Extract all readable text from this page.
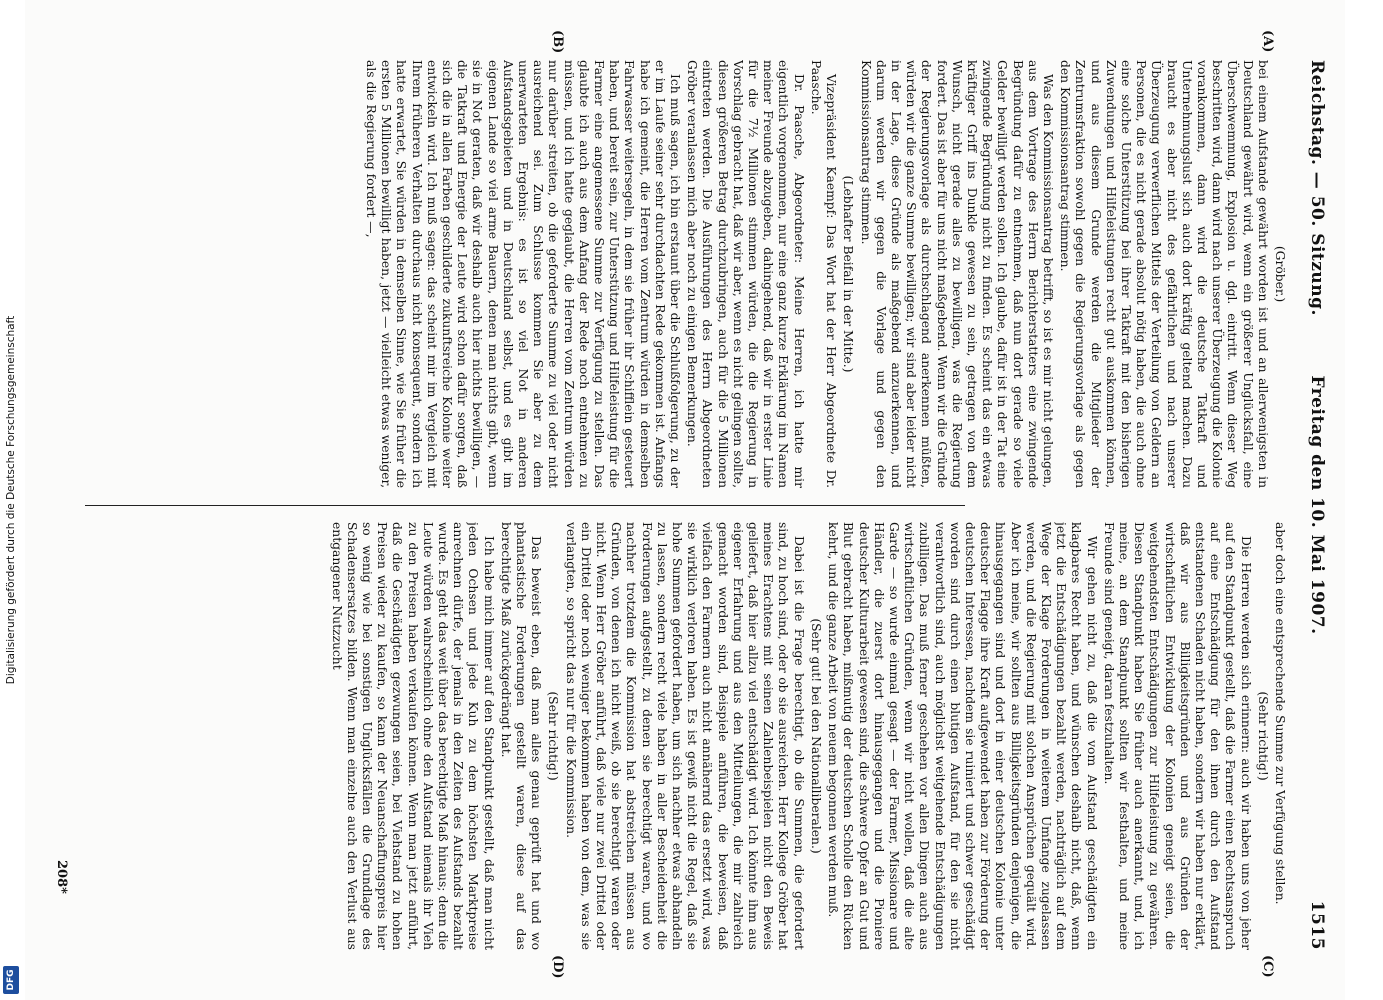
Digitalisierung gefördert durch die Deutsche Forschungsgemeinschaft
DFG
Reichstag. — 50. Sitzung.
Freitag den 10. Mai 1907.
1515
(A)
(B)
(C)
(D)

(Gröber.)

bei einem Aufstande gewährt worden ist und an allerwenigsten in Deutschland gewährt wird, wenn ein größerer Unglücksfall, eine Überschwemmung, Explosion u. dgl. eintritt. Wenn dieser Weg beschritten wird, dann wird nach unserer Überzeugung die Kolonie vorankommen, dann wird die deutsche Tatkraft und Unternehmungslust sich auch dort kräftig geltend machen. Dazu braucht es aber nicht des gefährlichen und nach unserer Überzeugung verwerflichen Mittels der Verteilung von Geldern an Personen, die es nicht gerade absolut nötig haben, die auch ohne eine solche Unterstützung bei ihrer Tatkraft mit den bisherigen Zuwendungen und Hilfeleistungen recht gut auskommen können, und aus diesem Grunde werden die Mitglieder der Zentrumsfraktion sowohl gegen die Regierungsvorlage als gegen den Kommissionsantrag stimmen.

Was den Kommissionsantrag betrifft, so ist es mir nicht gelungen, aus dem Vortrage des Herrn Berichterstatters eine zwingende Begründung dafür zu entnehmen, daß nun dort gerade so viele Gelder bewilligt werden sollen. Ich glaube, dafür ist in der Tat eine zwingende Begründung nicht zu finden. Es scheint das ein etwas kräftiger Griff ins Dunkle gewesen zu sein, getragen von dem Wunsch, nicht gerade alles zu bewilligen, was die Regierung fordert. Das ist aber für uns nicht maßgebend. Wenn wir die Gründe der Regierungsvorlage als durchschlagend anerkennen müßten, würden wir die ganze Summe bewilligen; wir sind aber leider nicht in der Lage, diese Gründe als maßgebend anzuerkennen, und darum werden wir gegen die Vorlage und gegen den Kommissionsantrag stimmen.

(Lebhafter Beifall in der Mitte.)

Vizepräsident Kaempf: Das Wort hat der Herr Abgeordnete Dr. Paasche.

Dr. Paasche, Abgeordneter: Meine Herren, ich hatte mir eigentlich vorgenommen, nur eine ganz kurze Erklärung im Namen meiner Freunde abzugeben, dahingehend, daß wir in erster Linie für die 7½ Millionen stimmen würden, die die Regierung in Vorschlag gebracht hat, daß wir aber, wenn es nicht gelingen sollte, diesen größeren Betrag durchzubringen, auch für die 5 Millionen eintreten werden. Die Ausführungen des Herrn Abgeordneten Gröber veranlassen mich aber noch zu einigen Bemerkungen.

Ich muß sagen, ich bin erstaunt über die Schlußfolgerung, zu der er im Laufe seiner sehr durchdachten Rede gekommen ist. Anfangs habe ich gemeint, die Herren vom Zentrum würden in demselben Fahrwasser weitersegeln, in dem sie früher ihr Schifflein gesteuert haben, und bereit sein, zur Unterstützung und Hilfeleistung für die Farmer eine angemessene Summe zur Verfügung zu stellen. Das glaubte ich auch aus dem Anfang der Rede noch entnehmen zu müssen, und ich hatte geglaubt, die Herren vom Zentrum würden nur darüber streiten, ob die geforderte Summe zu viel oder nicht ausreichend sei. Zum Schlusse kommen Sie aber zu dem unerwarteten Ergebnis: es ist so viel Not in anderen Aufstandsgebieten und in Deutschland selbst, und es gibt im eigenen Lande so viel arme Bauern, denen man nichts gibt, wenn sie in Not geraten, daß wir deshalb auch hier nichts bewilligen, — die Tatkraft und Energie der Leute wird schon dafür sorgen, daß sich die in allen Farben geschilderte zukunftsreiche Kolonie weiter entwickeln wird. Ich muß sagen: das scheint mir im Vergleich mit Ihrem früheren Verhalten durchaus nicht konsequent, sondern ich hatte erwartet, Sie würden in demselben Sinne, wie Sie früher die ersten 5 Millionen bewilligt haben, jetzt — vielleicht etwas weniger, als die Regierung fordert —,

aber doch eine entsprechende Summe zur Verfügung stellen.

(Sehr richtig!)

Die Herren werden sich erinnern: auch wir haben uns von jeher auf den Standpunkt gestellt, daß die Farmer einen Rechtsanspruch auf eine Entschädigung für den ihnen durch den Aufstand entstandenen Schaden nicht haben, sondern wir haben nur erklärt, daß wir aus Billigkeitsgründen und aus Gründen der wirtschaftlichen Entwicklung der Kolonien geneigt seien, die weitgehendsten Entschädigungen zur Hilfeleistung zu gewähren. Diesen Standpunkt haben Sie früher auch anerkannt, und, ich meine, an dem Standpunkt sollten wir festhalten, und meine Freunde sind geneigt, daran festzuhalten.

Wir gehen nicht zu, daß die vom Aufstand geschädigten ein klagbares Recht haben, und wünschen deshalb nicht, daß, wenn jetzt die Entschädigungen bezahlt werden, nachträglich auf dem Wege der Klage Forderungen in weiterem Umfange zugelassen werden, und die Regierung mit solchen Ansprüchen gequält wird. Aber ich meine, wir sollten aus Billigkeitsgründen denjenigen, die hinausgegangen sind und dort in einer deutschen Kolonie unter deutscher Flagge ihre Kraft aufgewendet haben zur Förderung der deutschen Interessen, nachdem sie ruiniert und schwer geschädigt worden sind durch einen blutigen Aufstand, für den sie nicht verantwortlich sind, auch möglichst weitgehende Entschädigungen zubilligen. Das muß ferner geschehen vor allen Dingen auch aus wirtschaftlichen Gründen, wenn wir nicht wollen, daß die alte Garde — so wurde einmal gesagt — der Farmer, Missionare und Händler, die zuerst dort hinausgegangen und die Pioniere deutscher Kulturarbeit gewesen sind, die schwere Opfer an Gut und Blut gebracht haben, mißmutig der deutschen Scholle den Rücken kehrt, und die ganze Arbeit von neuem begonnen werden muß.

(Sehr gut! bei den Nationalliberalen.)

Dabei ist die Frage berechtigt, ob die Summen, die gefordert sind, zu hoch sind, oder ob sie ausreichen. Herr Kollege Gröber hat meines Erachtens mit seinen Zahlenbeispielen nicht den Beweis geliefert, daß hier allzu viel entschädigt wird. Ich könnte ihm aus eigener Erfahrung und aus den Mitteilungen, die mir zahlreich gemacht worden sind, Beispiele anführen, die beweisen, daß vielfach den Farmern auch nicht annähernd das ersetzt wird, was sie wirklich verloren haben. Es ist gewiß nicht die Regel, daß sie hohe Summen gefordert haben, um sich nachher etwas abhandeln zu lassen, sondern recht viele haben in aller Bescheidenheit die Forderungen aufgestellt, zu denen sie berechtigt waren, und wo nachher trotzdem die Kommission hat abstreichen müssen aus Gründen, von denen ich nicht weiß, ob sie berechtigt waren oder nicht. Wenn Herr Gröber anführt, daß viele nur zwei Drittel oder ein Drittel oder noch weniger bekommen haben von dem, was sie verlangten, so spricht das nur für die Kommission.

(Sehr richtig!)

Das beweist eben, daß man alles genau geprüft hat und wo phantastische Forderungen gestellt waren, diese auf das berechtigte Maß zurückgedrängt hat.

Ich habe mich immer auf den Standpunkt gestellt, daß man nicht jeden Ochsen und jede Kuh zu dem höchsten Marktpreise anrechnen dürfe, der jemals in den Zeiten des Aufstands bezahlt wurde. Es geht das weit über das berechtigte Maß hinaus; denn die Leute würden wahrscheinlich ohne den Aufstand niemals ihr Vieh zu den Preisen haben verkaufen können. Wenn man jetzt anführt, daß die Geschädigten gezwungen seien, bei Viehstand zu hohen Preisen wieder zu kaufen, so kann der Neuanschaffungspreis hier so wenig wie bei sonstigen Unglücksfällen die Grundlage des Schadensersatzes bilden. Wenn man einzelne auch den Verlust aus entgangener Nutzzucht

208*
